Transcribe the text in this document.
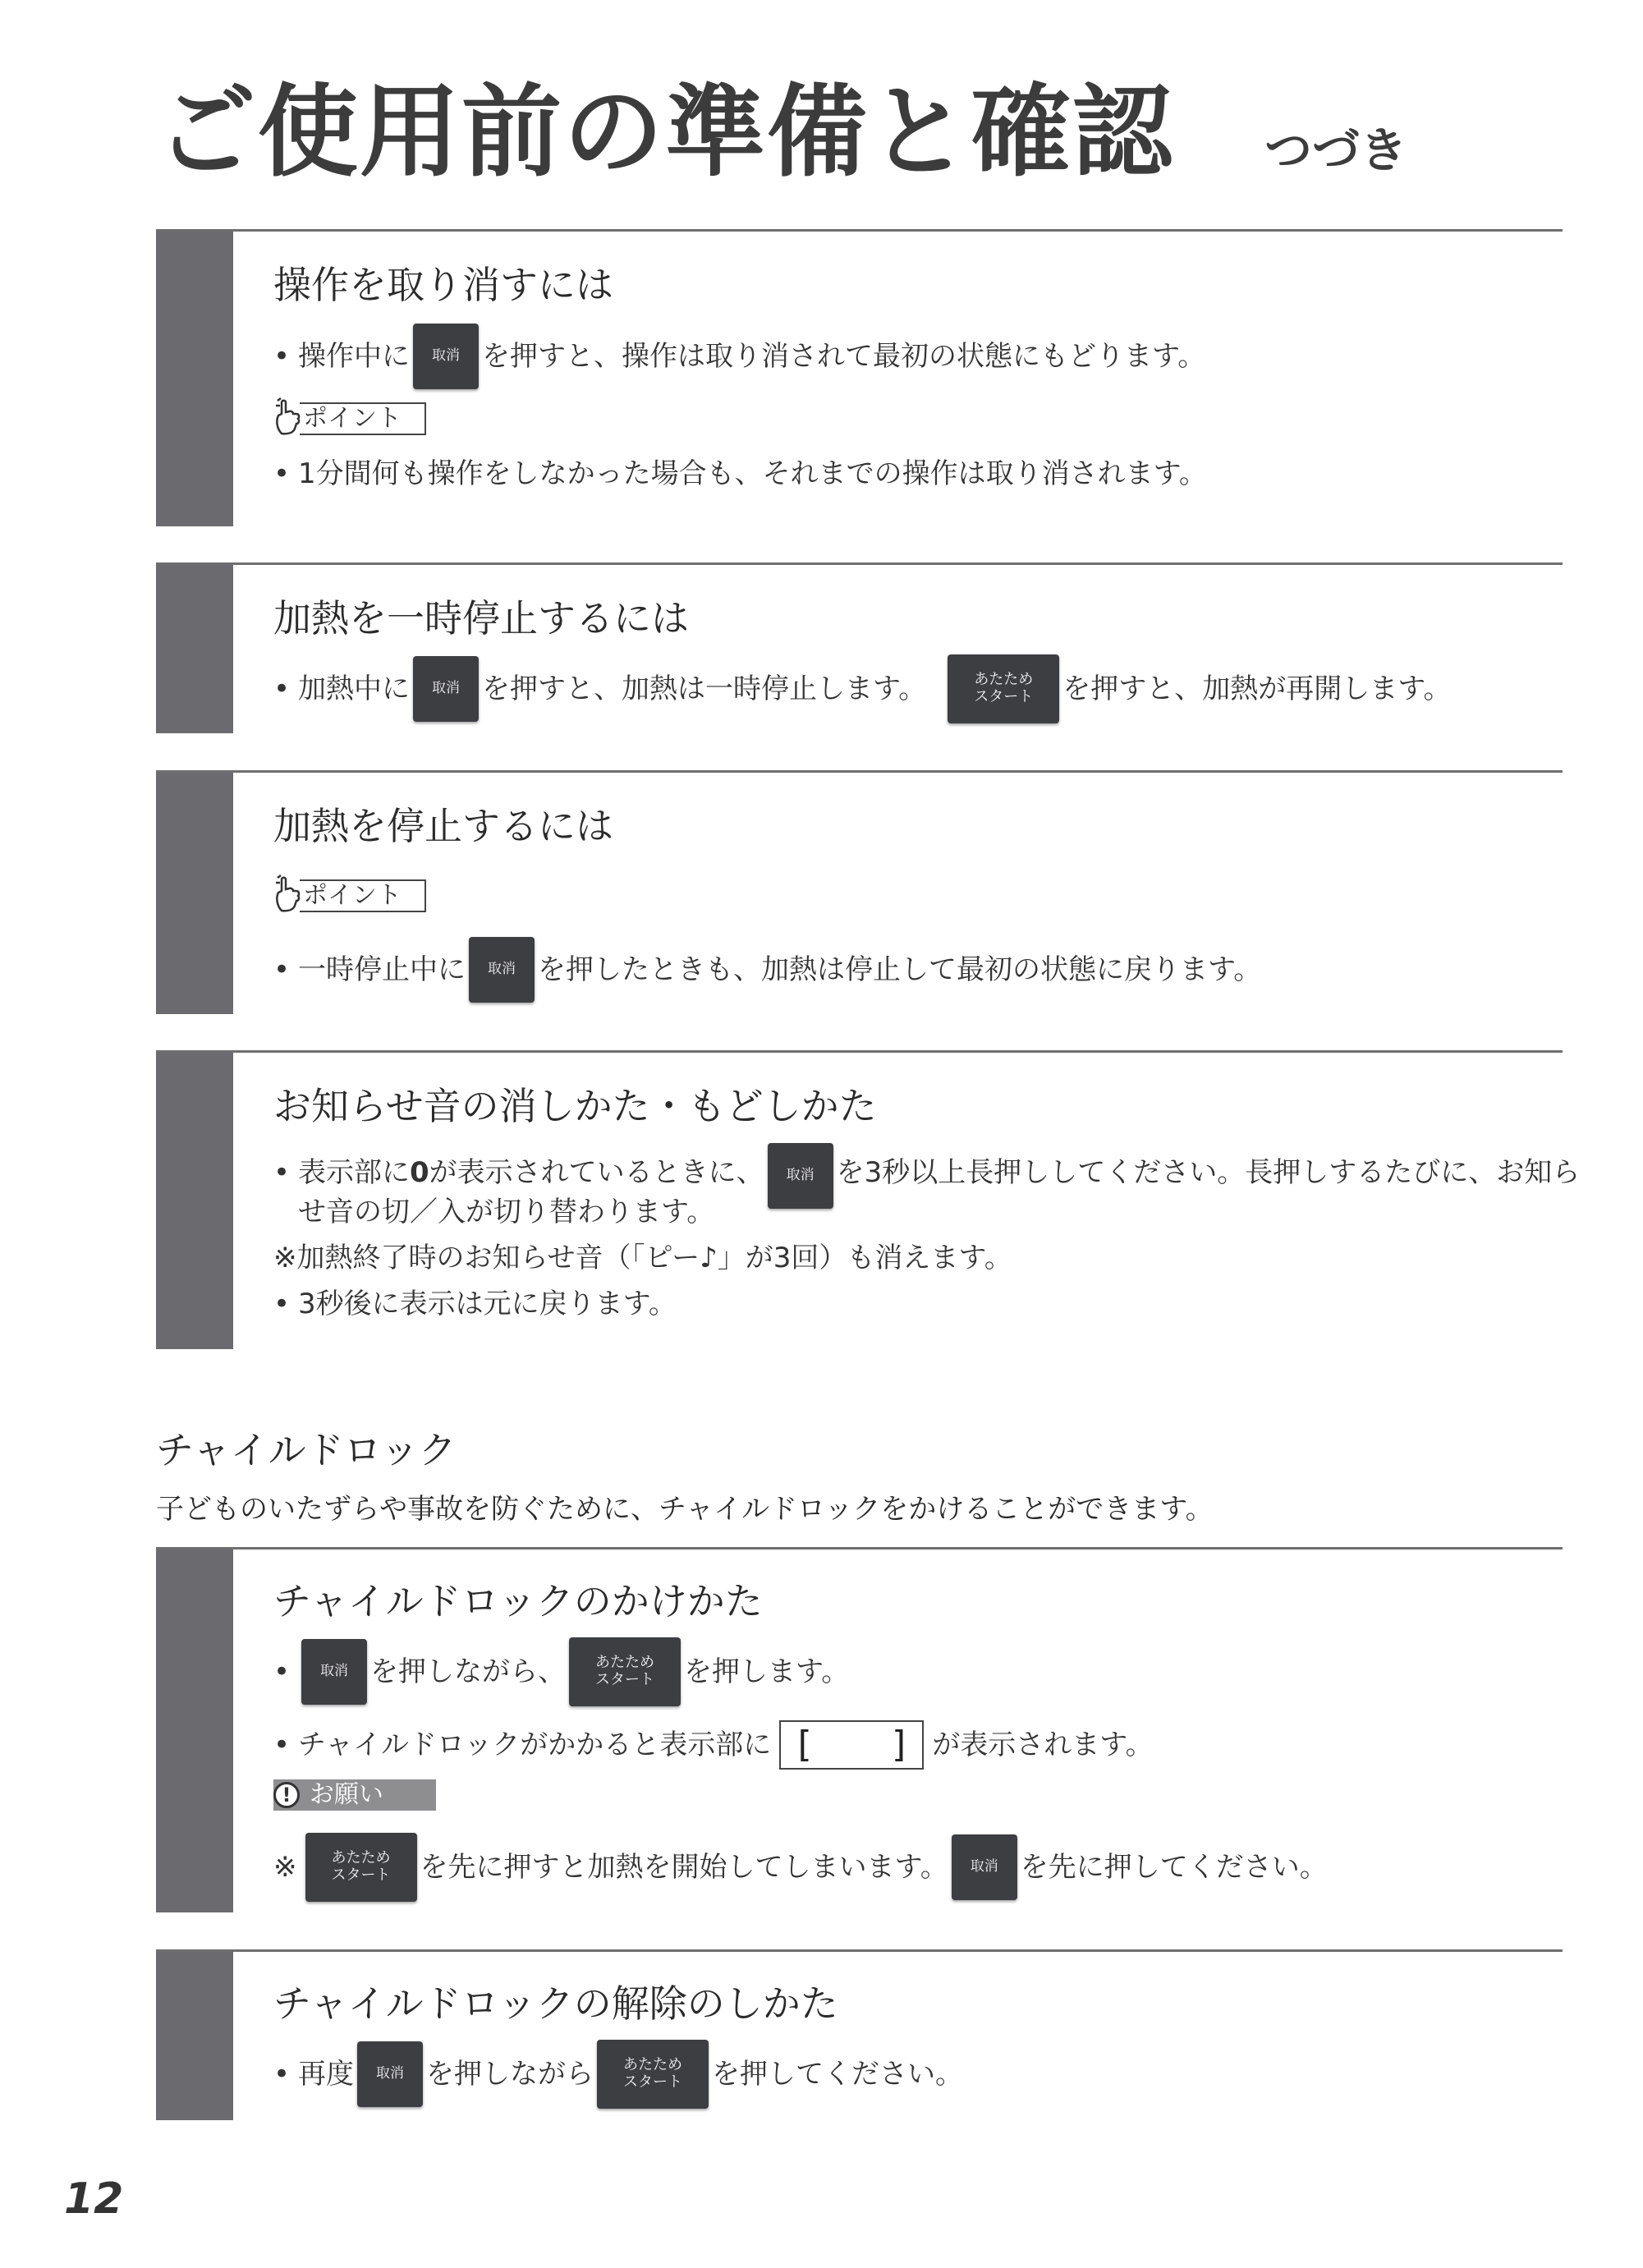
ご使用前の準備と確認 つづき
操作を取り消すには
• 操作中に	取消 を押すと、操作は取り消されて最初の状態にもどります。
ポイント
• 1分間何も操作をしなかった場合も、それまでの操作は取り消されます。
加熱を一時停止するには
• 加熱中に	取消 を押すと、加熱は一時停止します。	あたため
スタート を押すと、加熱が再開します。
加熱を停止するには
ポイント
• 一時停止中に	取消 を押したときも、加熱は停止して最初の状態に戻ります。
お知らせ音の消しかた・もどしかた
• 表示部に 0 が表示されているときに、	取消 を3秒以上長押ししてください。長押しするたびに、お知ら
せ音の切／入が切り替わります。
※加熱終了時のお知らせ音（「ピー♪」が3回）も消えます。
• 3秒後に表示は元に戻ります。
チャイルドロック
子どものいたずらや事故を防ぐために、チャイルドロックをかけることができます。
チャイルドロックのかけかた
•	取消 を押しながら、 あたため
スタート を押します。
• チャイルドロックがかかると表示部に [ ] が表示されます。
! お願い
※ あたため
スタート を先に押すと加熱を開始してしまいます。	取消 を先に押してください。
チャイルドロックの解除のしかた
• 再度	取消 を押しながら あたため
スタート を押してください。
12
